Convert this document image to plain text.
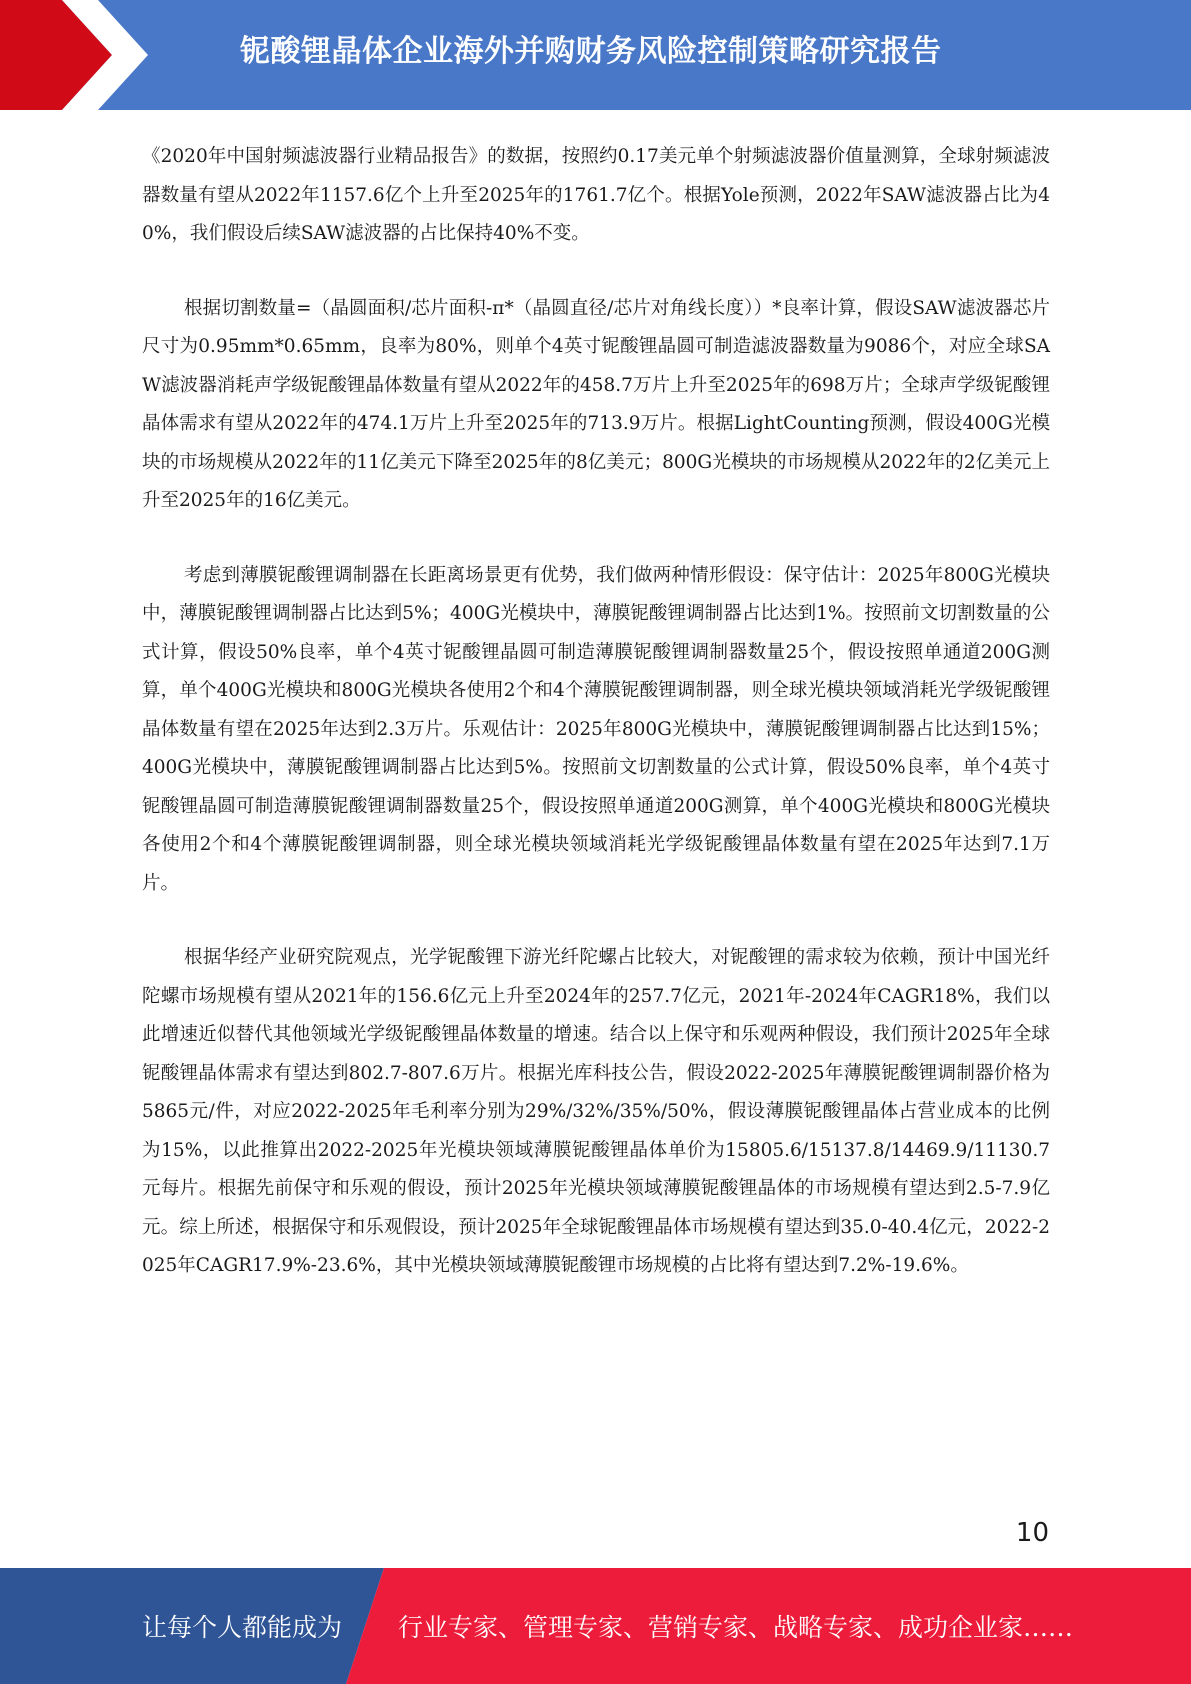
铌酸锂晶体企业海外并购财务风险控制策略研究报告

《2020年中国射频滤波器行业精品报告》的数据，按照约0.17美元单个射频滤波器价值量测算，全球射频滤波器数量有望从2022年1157.6亿个上升至2025年的1761.7亿个。根据Yole预测，2022年SAW滤波器占比为40%，我们假设后续SAW滤波器的占比保持40%不变。

根据切割数量=（晶圆面积/芯片面积-π*（晶圆直径/芯片对角线长度））*良率计算，假设SAW滤波器芯片尺寸为0.95mm*0.65mm，良率为80%，则单个4英寸铌酸锂晶圆可制造滤波器数量为9086个，对应全球SAW滤波器消耗声学级铌酸锂晶体数量有望从2022年的458.7万片上升至2025年的698万片；全球声学级铌酸锂晶体需求有望从2022年的474.1万片上升至2025年的713.9万片。根据LightCounting预测，假设400G光模块的市场规模从2022年的11亿美元下降至2025年的8亿美元；800G光模块的市场规模从2022年的2亿美元上升至2025年的16亿美元。

考虑到薄膜铌酸锂调制器在长距离场景更有优势，我们做两种情形假设：保守估计：2025年800G光模块中，薄膜铌酸锂调制器占比达到5%；400G光模块中，薄膜铌酸锂调制器占比达到1%。按照前文切割数量的公式计算，假设50%良率，单个4英寸铌酸锂晶圆可制造薄膜铌酸锂调制器数量25个，假设按照单通道200G测算，单个400G光模块和800G光模块各使用2个和4个薄膜铌酸锂调制器，则全球光模块领域消耗光学级铌酸锂晶体数量有望在2025年达到2.3万片。乐观估计：2025年800G光模块中，薄膜铌酸锂调制器占比达到15%；400G光模块中，薄膜铌酸锂调制器占比达到5%。按照前文切割数量的公式计算，假设50%良率，单个4英寸铌酸锂晶圆可制造薄膜铌酸锂调制器数量25个，假设按照单通道200G测算，单个400G光模块和800G光模块各使用2个和4个薄膜铌酸锂调制器，则全球光模块领域消耗光学级铌酸锂晶体数量有望在2025年达到7.1万片。

根据华经产业研究院观点，光学铌酸锂下游光纤陀螺占比较大，对铌酸锂的需求较为依赖，预计中国光纤陀螺市场规模有望从2021年的156.6亿元上升至2024年的257.7亿元，2021年-2024年CAGR18%，我们以此增速近似替代其他领域光学级铌酸锂晶体数量的增速。结合以上保守和乐观两种假设，我们预计2025年全球铌酸锂晶体需求有望达到802.7-807.6万片。根据光库科技公告，假设2022-2025年薄膜铌酸锂调制器价格为5865元/件，对应2022-2025年毛利率分别为29%/32%/35%/50%，假设薄膜铌酸锂晶体占营业成本的比例为15%，以此推算出2022-2025年光模块领域薄膜铌酸锂晶体单价为15805.6/15137.8/14469.9/11130.7元每片。根据先前保守和乐观的假设，预计2025年光模块领域薄膜铌酸锂晶体的市场规模有望达到2.5-7.9亿元。综上所述，根据保守和乐观假设，预计2025年全球铌酸锂晶体市场规模有望达到35.0-40.4亿元，2022-2025年CAGR17.9%-23.6%，其中光模块领域薄膜铌酸锂市场规模的占比将有望达到7.2%-19.6%。

10
让每个人都能成为 行业专家、管理专家、营销专家、战略专家、成功企业家……
